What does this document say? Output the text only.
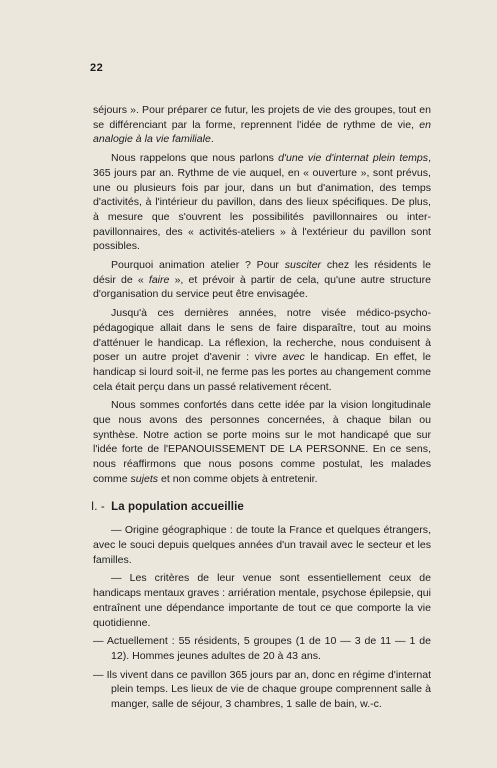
22

séjours ». Pour préparer ce futur, les projets de vie des groupes, tout en se différenciant par la forme, reprennent l'idée de rythme de vie, en analogie à la vie familiale.

Nous rappelons que nous parlons d'une vie d'internat plein temps, 365 jours par an. Rythme de vie auquel, en « ouverture », sont prévus, une ou plusieurs fois par jour, dans un but d'animation, des temps d'activités, à l'intérieur du pavillon, dans des lieux spécifiques. De plus, à mesure que s'ouvrent les possibilités pavillonnaires ou inter-pavillonnaires, des « activités-ateliers » à l'extérieur du pavillon sont possibles.

Pourquoi animation atelier ? Pour susciter chez les résidents le désir de « faire », et prévoir à partir de cela, qu'une autre structure d'organisation du service peut être envisagée.

Jusqu'à ces dernières années, notre visée médico-psycho-pédagogique allait dans le sens de faire disparaître, tout au moins d'atténuer le handicap. La réflexion, la recherche, nous conduisent à poser un autre projet d'avenir : vivre avec le handicap. En effet, le handicap si lourd soit-il, ne ferme pas les portes au changement comme cela était perçu dans un passé relativement récent.

Nous sommes confortés dans cette idée par la vision longitudinale que nous avons des personnes concernées, à chaque bilan ou synthèse. Notre action se porte moins sur le mot handicapé que sur l'idée forte de l'EPANOUISSEMENT DE LA PERSONNE. En ce sens, nous réaffirmons que nous posons comme postulat, les malades comme sujets et non comme objets à entretenir.

I. - La population accueillie

— Origine géographique : de toute la France et quelques étrangers, avec le souci depuis quelques années d'un travail avec le secteur et les familles.

— Les critères de leur venue sont essentiellement ceux de handicaps mentaux graves : arriération mentale, psychose épilepsie, qui entraînent une dépendance importante de tout ce que comporte la vie quotidienne.

— Actuellement : 55 résidents, 5 groupes (1 de 10 — 3 de 11 — 1 de 12). Hommes jeunes adultes de 20 à 43 ans.

— Ils vivent dans ce pavillon 365 jours par an, donc en régime d'internat plein temps. Les lieux de vie de chaque groupe comprennent salle à manger, salle de séjour, 3 chambres, 1 salle de bain, w.-c.
